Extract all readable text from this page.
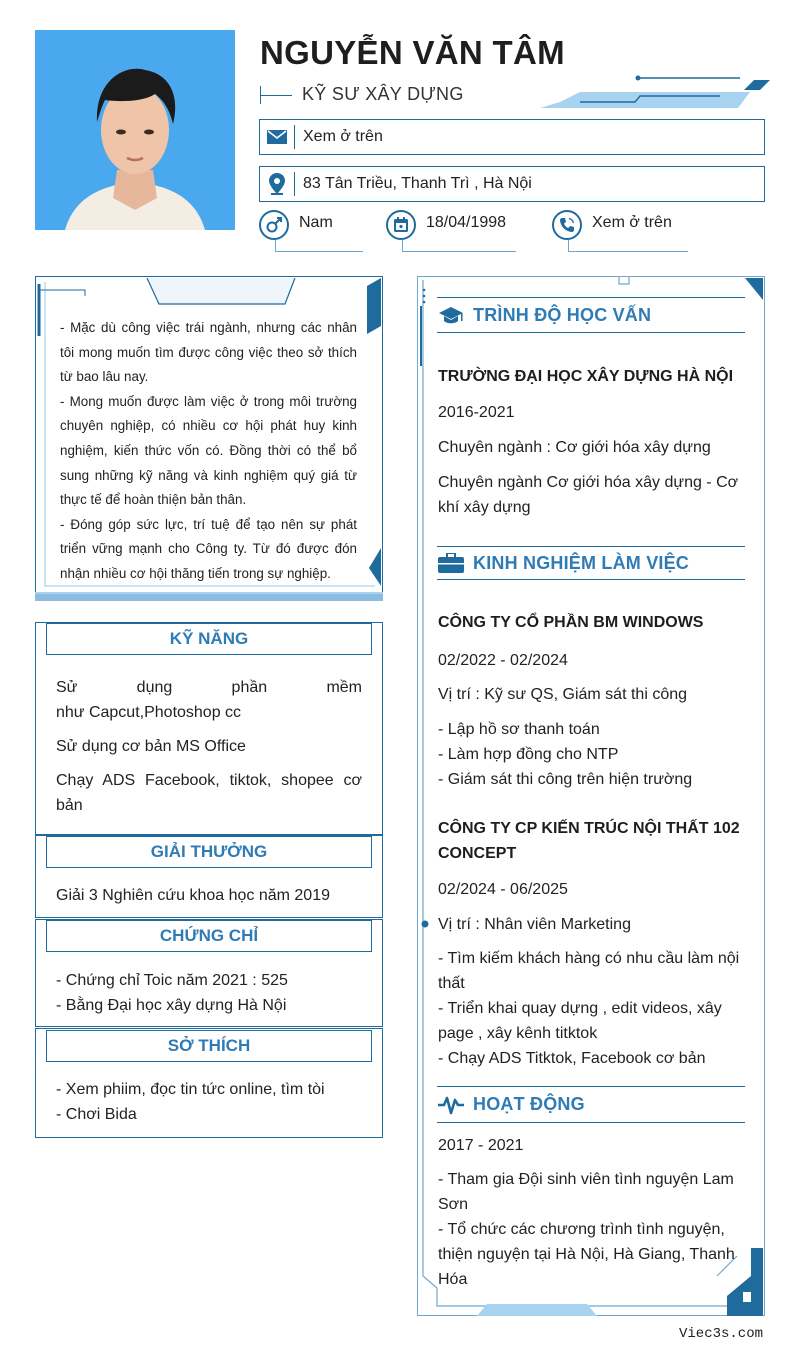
NGUYỄN VĂN TÂM
KỸ SƯ XÂY DỰNG
Xem ở trên
83 Tân Triều, Thanh Trì , Hà Nội
Nam	18/04/1998	Xem ở trên

- Mặc dù công việc trái ngành, nhưng các nhân tôi mong muốn tìm được công việc theo sở thích từ bao lâu nay.

- Mong muốn được làm việc ở trong môi trường chuyên nghiệp, có nhiều cơ hội phát huy kinh nghiệm, kiến thức vốn có. Đồng thời có thể bổ sung những kỹ năng và kinh nghiệm quý giá từ thực tế để hoàn thiện bản thân.

- Đóng góp sức lực, trí tuệ để tạo nên sự phát triển vững mạnh cho Công ty. Từ đó được đón nhận nhiều cơ hội thăng tiến trong sự nghiệp.

KỸ NĂNG
Sử dụng phần mềm

như Capcut,Photoshop cc

Sử dụng cơ bản MS Office

Chạy ADS Facebook, tiktok, shopee cơ
bản
GIẢI THƯỞNG
Giải 3 Nghiên cứu khoa học năm 2019
CHỨNG CHỈ
- Chứng chỉ Toic năm 2021 : 525
- Bằng Đại học xây dựng Hà Nội
SỞ THÍCH
- Xem phiim, đọc tin tức online, tìm tòi
- Chơi Bida
TRÌNH ĐỘ HỌC VẤN
TRƯỜNG ĐẠI HỌC XÂY DỰNG HÀ NỘI
2016-2021
Chuyên ngành : Cơ giới hóa xây dựng
Chuyên ngành Cơ giới hóa xây dựng - Cơ khí xây dựng
KINH NGHIỆM LÀM VIỆC
CÔNG TY CỔ PHẦN BM WINDOWS
02/2022 - 02/2024
Vị trí : Kỹ sư QS, Giám sát thi công
- Lập hồ sơ thanh toán
- Làm hợp đồng cho NTP
- Giám sát thi công trên hiện trường
CÔNG TY CP KIẾN TRÚC NỘI THẤT 102 CONCEPT
02/2024 - 06/2025
Vị trí : Nhân viên Marketing
- Tìm kiếm khách hàng có nhu cầu làm nội thất
- Triển khai quay dựng , edit videos, xây page , xây kênh titktok
- Chạy ADS Titktok, Facebook cơ bản
HOẠT ĐỘNG
2017 - 2021
- Tham gia Đội sinh viên tình nguyện Lam Sơn
- Tổ chức các chương trình tình nguyện, thiện nguyện tại Hà Nội, Hà Giang, Thanh Hóa
Viec3s.com
